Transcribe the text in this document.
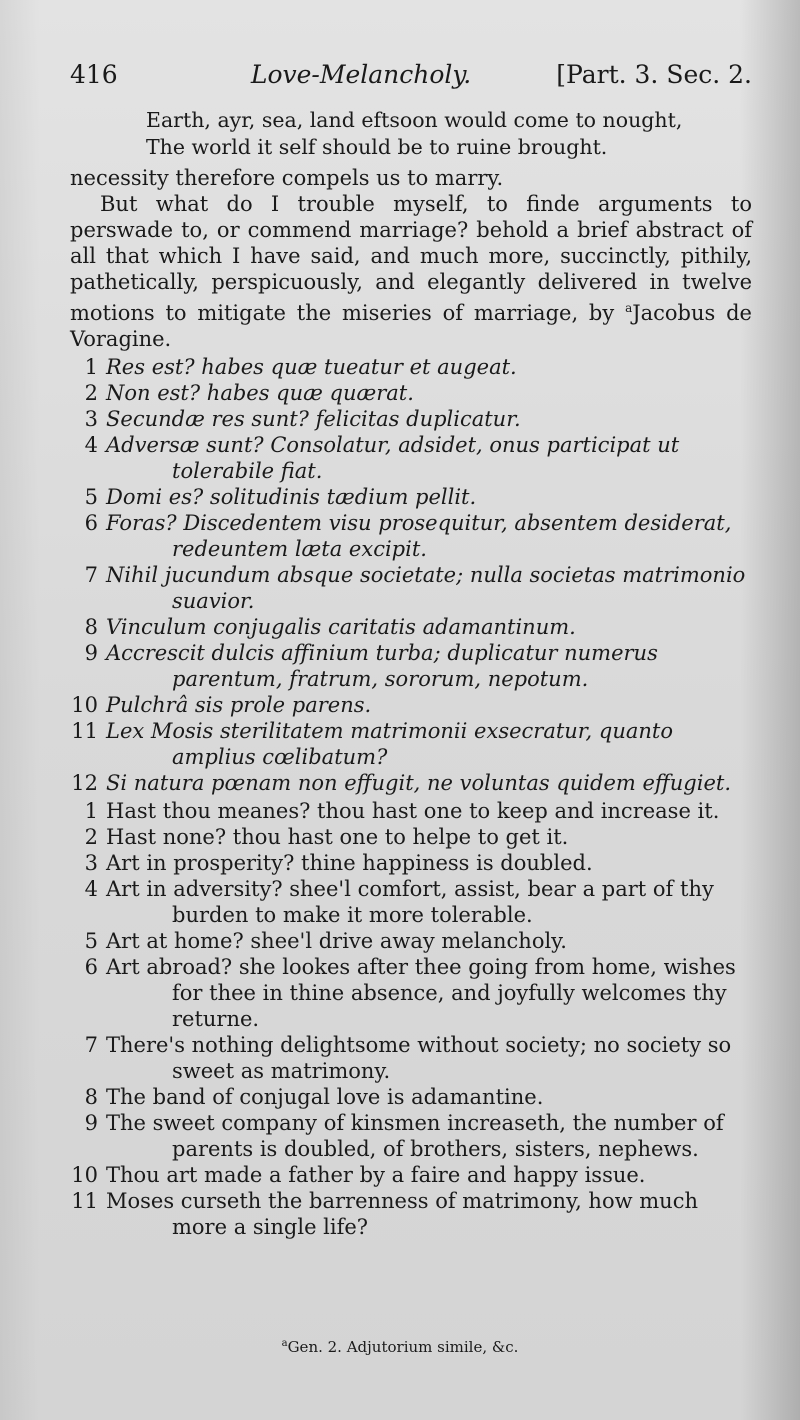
416	Love-Melancholy.	[Part. 3. Sec. 2.
Earth, ayr, sea, land eftsoon would come to nought,
The world it self should be to ruine brought.

necessity therefore compels us to marry.

But what do I trouble myself, to finde arguments to perswade to, or commend marriage? behold a brief abstract of all that which I have said, and much more, succinctly, pithily, pathetically, perspicuously, and elegantly delivered in twelve motions to mitigate the miseries of marriage, by $^a$Jacobus de Voragine.

1 Res est? habes quæ tueatur et augeat.
2 Non est? habes quæ quærat.
3 Secundæ res sunt? felicitas duplicatur.
4 Adversæ sunt? Consolatur, adsidet, onus participat ut tolerabile fiat.
5 Domi es? solitudinis tædium pellit.
6 Foras? Discedentem visu prosequitur, absentem desiderat, redeuntem læta excipit.
7 Nihil jucundum absque societate; nulla societas matrimonio suavior.
8 Vinculum conjugalis caritatis adamantinum.
9 Accrescit dulcis affinium turba; duplicatur numerus parentum, fratrum, sororum, nepotum.
10 Pulchrâ sis prole parens.
11 Lex Mosis sterilitatem matrimonii exsecratur, quanto amplius cœlibatum?
12 Si natura pœnam non effugit, ne voluntas quidem effugiet.
1 Hast thou meanes? thou hast one to keep and increase it.
2 Hast none? thou hast one to helpe to get it.
3 Art in prosperity? thine happiness is doubled.
4 Art in adversity? shee'l comfort, assist, bear a part of thy burden to make it more tolerable.
5 Art at home? shee'l drive away melancholy.
6 Art abroad? she lookes after thee going from home, wishes for thee in thine absence, and joyfully welcomes thy returne.
7 There's nothing delightsome without society; no society so sweet as matrimony.
8 The band of conjugal love is adamantine.
9 The sweet company of kinsmen increaseth, the number of parents is doubled, of brothers, sisters, nephews.
10 Thou art made a father by a faire and happy issue.
11 Moses curseth the barrenness of matrimony, how much more a single life?
$^a$Gen. 2. Adjutorium simile, &c.
